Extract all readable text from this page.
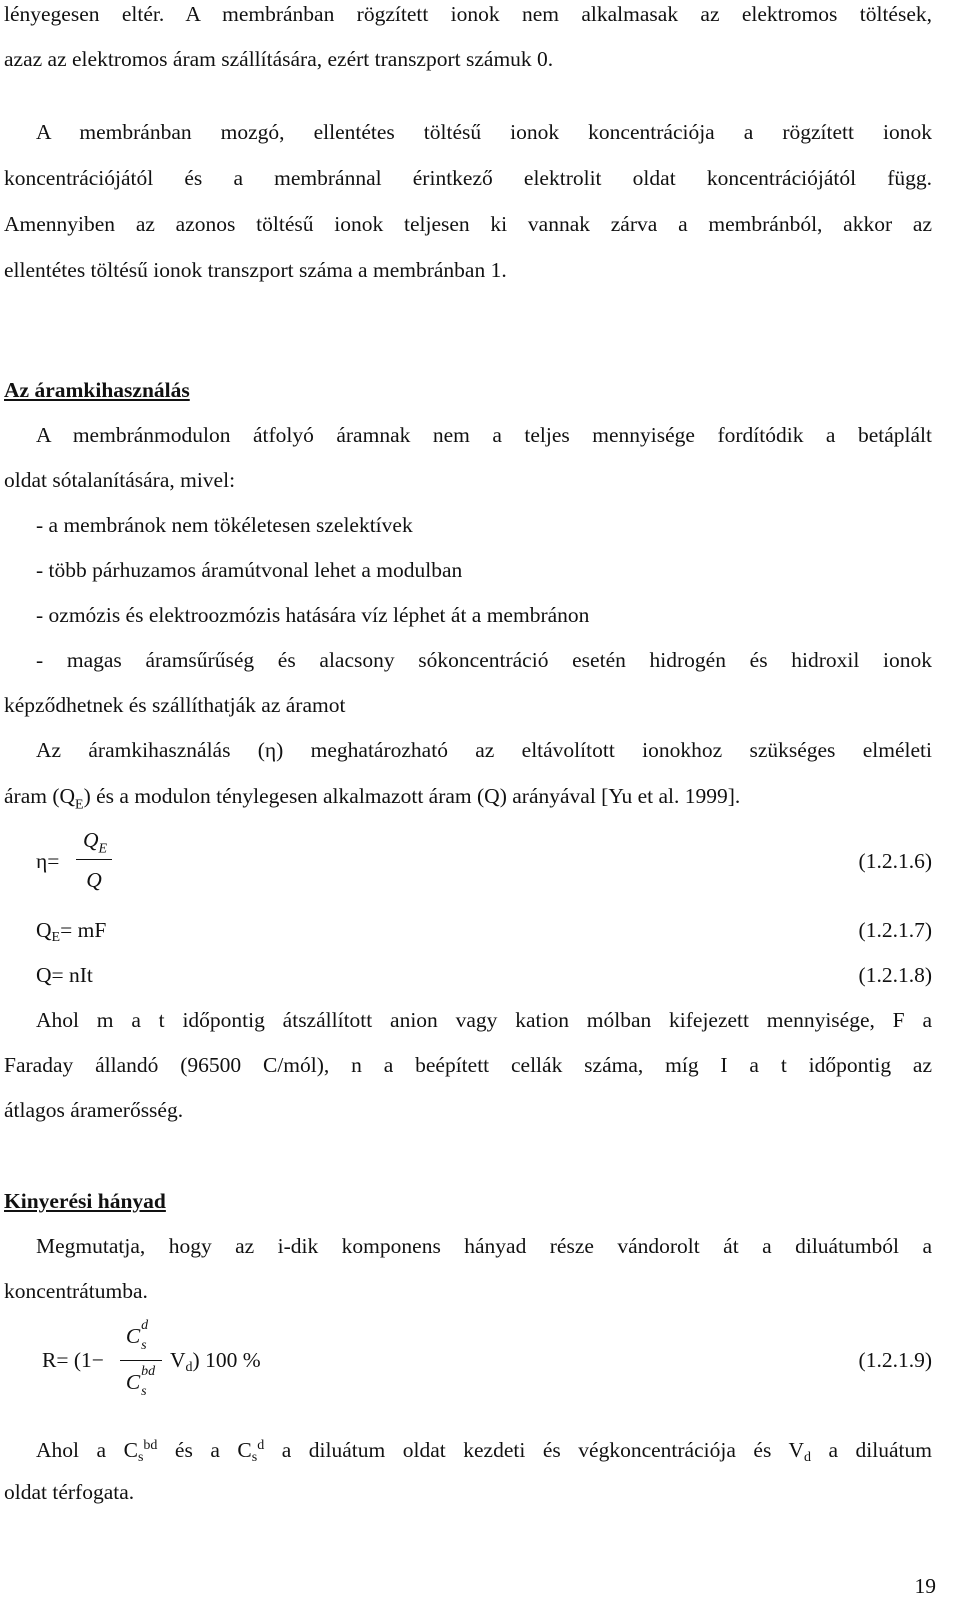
lényegesen eltér. A membránban rögzített ionok nem alkalmasak az elektromos töltések,
azaz az elektromos áram szállítására, ezért transzport számuk 0.
A membránban mozgó, ellentétes töltésű ionok koncentrációja a rögzített ionok
koncentrációjától és a membránnal érintkező elektrolit oldat koncentrációjától függ.
Amennyiben az azonos töltésű ionok teljesen ki vannak zárva a membránból, akkor az
ellentétes töltésű ionok transzport száma a membránban 1.
Az áramkihasználás
A membránmodulon átfolyó áramnak nem a teljes mennyisége fordítódik a betáplált
oldat sótalanítására, mivel:
- a membránok nem tökéletesen szelektívek
- több párhuzamos áramútvonal lehet a modulban
- ozmózis és elektroozmózis hatására víz léphet át a membránon
- magas áramsűrűség és alacsony sókoncentráció esetén hidrogén és hidroxil ionok
képződhetnek és szállíthatják az áramot
Az áramkihasználás (η) meghatározható az eltávolított ionokhoz szükséges elméleti
áram $(Q_E)$ és a modulon ténylegesen alkalmazott áram (Q) arányával [Yu et al. 1999].
η=
$Q_E$
Q
(1.2.1.6)
QE= mF	(1.2.1.7)
Q= nIt	(1.2.1.8)
Ahol m a t időpontig átszállított anion vagy kation mólban kifejezett mennyisége, F a
Faraday állandó (96500 C/mól), n a beépített cellák száma, míg I a t időpontig az
átlagos áramerősség.
Kinyerési hányad
Megmutatja, hogy az i-dik komponens hányad része vándorolt át a diluátumból a
koncentrátumba.
R= (1−
C d
s
C bd
s
Vd) 100 %	(1.2.1.9)
Ahol a $Cs^{bd}$ és a Cs$^d$ a diluátum oldat kezdeti és végkoncentrációja és Vd a diluátum
oldat térfogata.
19
